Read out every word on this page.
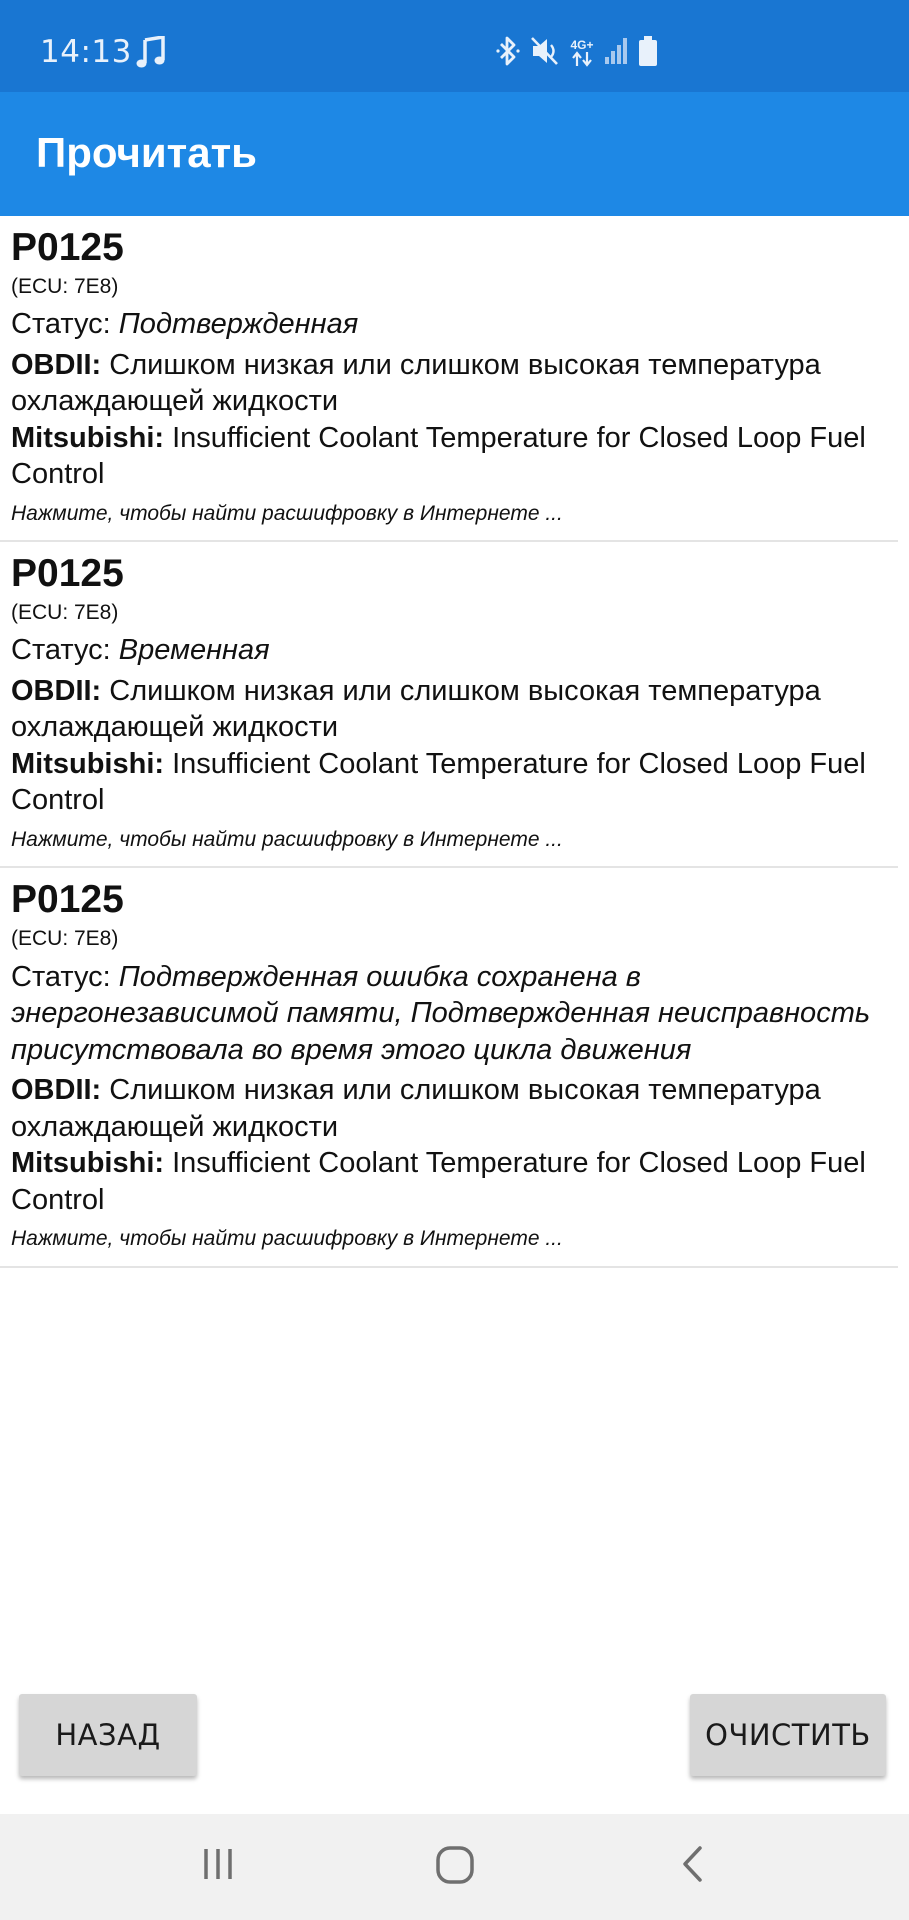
14:13	4G+
Прочитать
P0125
(ECU: 7E8)
Статус: Подтвержденная
OBDII: Слишком низкая или слишком высокая температура охлаждающей жидкости
Mitsubishi: Insufficient Coolant Temperature for Closed Loop Fuel Control
Нажмите, чтобы найти расшифровку в Интернете ...
P0125
(ECU: 7E8)
Статус: Временная
OBDII: Слишком низкая или слишком высокая температура охлаждающей жидкости
Mitsubishi: Insufficient Coolant Temperature for Closed Loop Fuel Control
Нажмите, чтобы найти расшифровку в Интернете ...
P0125
(ECU: 7E8)
Статус: Подтвержденная ошибка сохранена в энергонезависимой памяти, Подтвержденная неисправность присутствовала во время этого цикла движения
OBDII: Слишком низкая или слишком высокая температура охлаждающей жидкости
Mitsubishi: Insufficient Coolant Temperature for Closed Loop Fuel Control
Нажмите, чтобы найти расшифровку в Интернете ...
НАЗАД	ОЧИСТИТЬ
